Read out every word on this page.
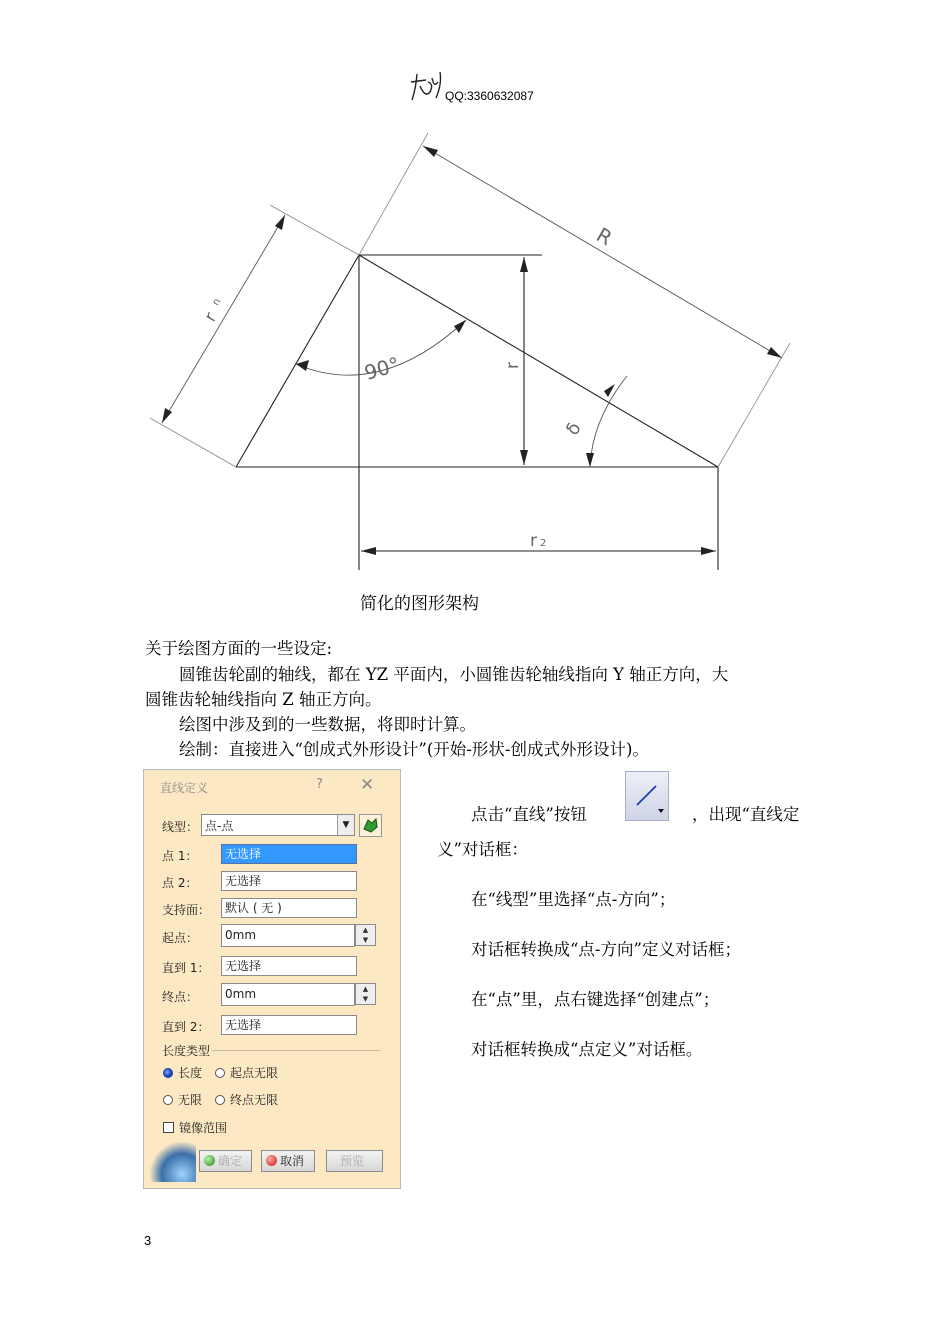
QQ:3360632087
R
r
n
90°	r
δ
r 2
简化的图形架构
关于绘图方面的一些设定:
圆锥齿轮副的轴线，都在 YZ 平面内，小圆锥齿轮轴线指向 Y 轴正方向，大
圆锥齿轮轴线指向 Z 轴正方向。
绘图中涉及到的一些数据，将即时计算。
绘制：直接进入“创成式外形设计”(开始-形状-创成式外形设计)。
直线定义	? ✕
线型： 点-点	▼
点 1：	无选择
点 2：	无选择
支持面：	默认 ( 无 )
起点：	0mm	▲
▼
直到 1：	无选择
终点：	0mm	▲
▼
直到 2：	无选择
长度类型
长度	起点无限
无限	终点无限
镜像范围
确定	取消	预览
点击“直线”按钮	，出现“直线定
义”对话框：
在“线型”里选择“点-方向”；
对话框转换成“点-方向”定义对话框；
在“点”里，点右键选择“创建点”；
对话框转换成“点定义”对话框。
3
